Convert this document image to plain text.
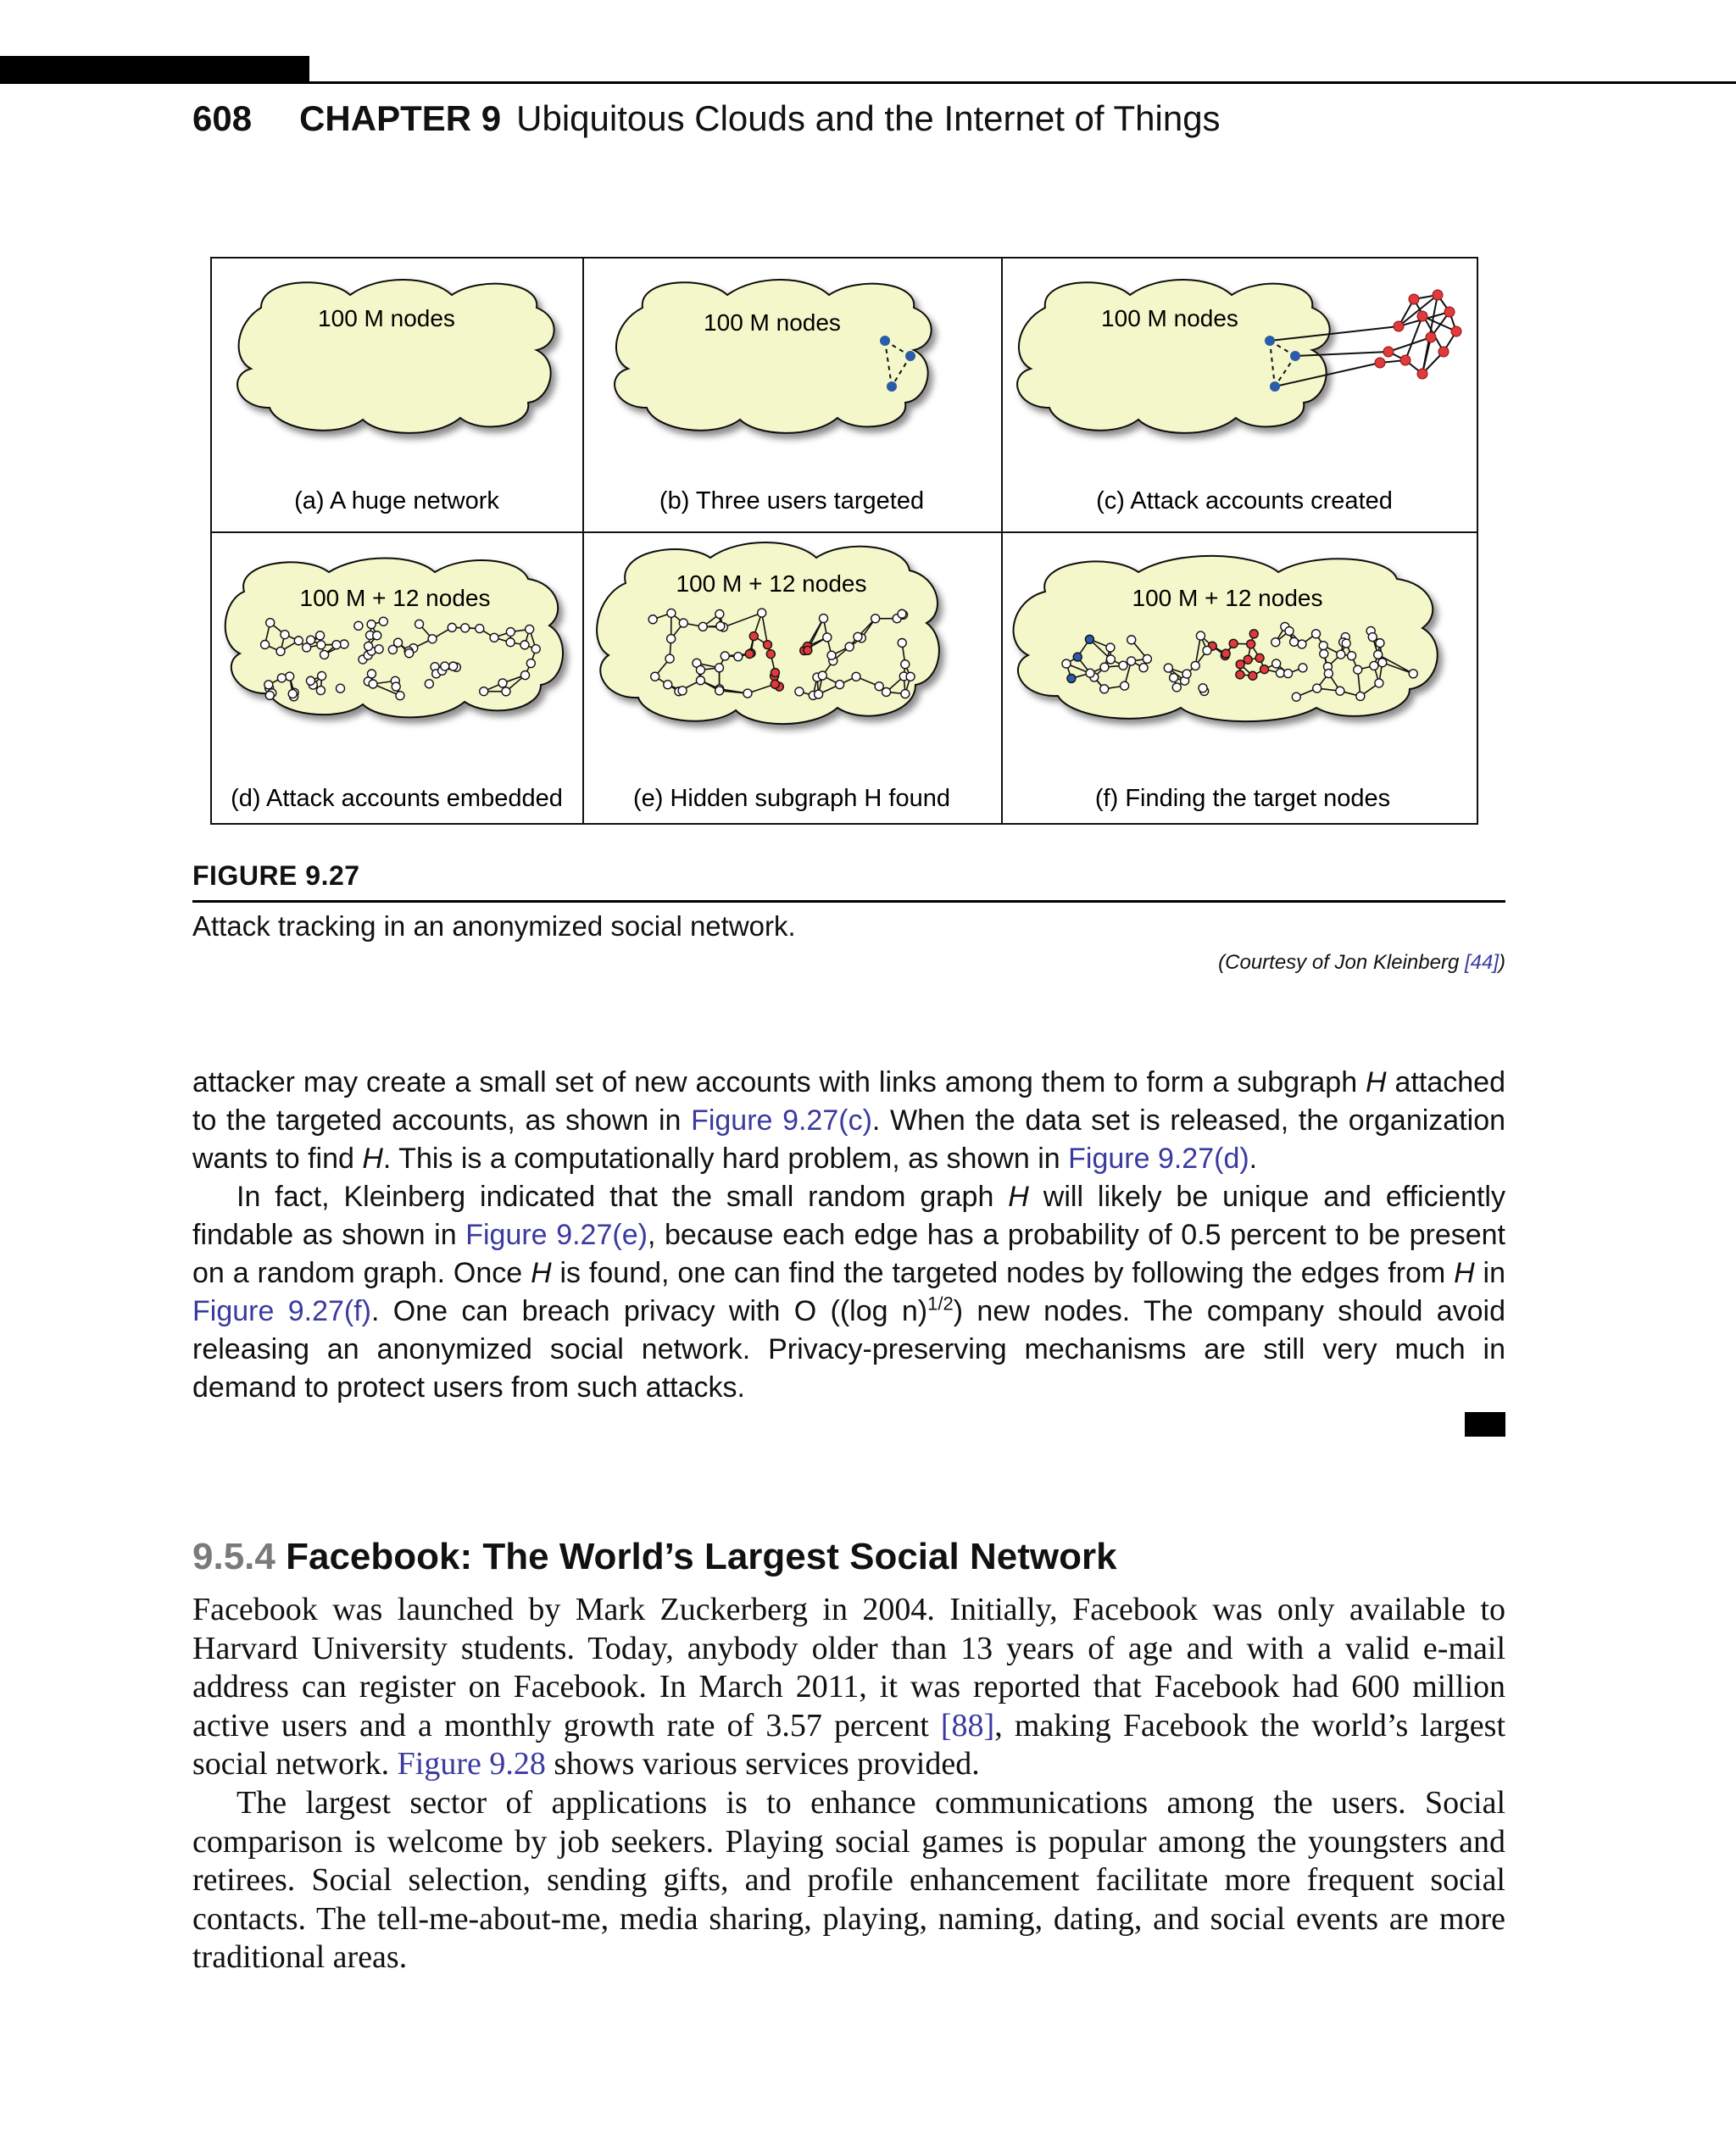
608 CHAPTER 9 Ubiquitous Clouds and the Internet of Things
100 M nodes
(a) A huge network
100 M nodes
(b) Three users targeted
100 M nodes
(c) Attack accounts created
100 M + 12 nodes
(d) Attack accounts embedded
100 M + 12 nodes
(e) Hidden subgraph H found
100 M + 12 nodes
(f) Finding the target nodes
FIGURE 9.27
Attack tracking in an anonymized social network.
(Courtesy of Jon Kleinberg [44])

attacker may create a small set of new accounts with links among them to form a subgraph H attached to the targeted accounts, as shown in Figure 9.27(c). When the data set is released, the organization wants to find H. This is a computationally hard problem, as shown in Figure 9.27(d).

In fact, Kleinberg indicated that the small random graph H will likely be unique and efficiently findable as shown in Figure 9.27(e), because each edge has a probability of 0.5 percent to be present on a random graph. Once H is found, one can find the targeted nodes by following the edges from H in Figure 9.27(f). One can breach privacy with O ((log n)$^{1/2}$) new nodes. The company should avoid releasing an anonymized social network. Privacy-preserving mechanisms are still very much in demand to protect users from such attacks.

9.5.4 Facebook: The World’s Largest Social Network

Facebook was launched by Mark Zuckerberg in 2004. Initially, Facebook was only available to Harvard University students. Today, anybody older than 13 years of age and with a valid e-mail address can register on Facebook. In March 2011, it was reported that Facebook had 600 million active users and a monthly growth rate of 3.57 percent [88], making Facebook the world’s largest social network. Figure 9.28 shows various services provided.

The largest sector of applications is to enhance communications among the users. Social comparison is welcome by job seekers. Playing social games is popular among the youngsters and retirees. Social selection, sending gifts, and profile enhancement facilitate more frequent social contacts. The tell-me-about-me, media sharing, playing, naming, dating, and social events are more traditional areas.
